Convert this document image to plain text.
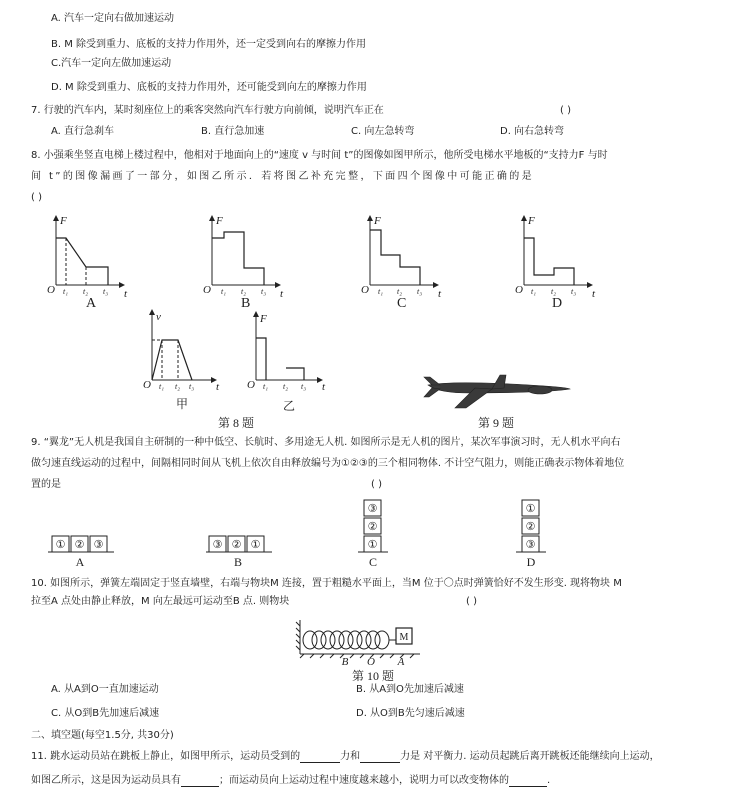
A. 汽车一定向右做加速运动
B. M 除受到重力、底板的支持力作用外，还一定受到向右的摩擦力作用
C.汽车一定向左做加速运动
D. M 除受到重力、底板的支持力作用外，还可能受到向左的摩擦力作用
7. 行驶的汽车内，某时刻座位上的乘客突然向汽车行驶方向前倾，说明汽车正在	( )
A. 直行急刹车	B. 直行急加速	C. 向左急转弯	D. 向右急转弯
8. 小强乘坐竖直电梯上楼过程中，他相对于地面向上的“速度 v 与时间 t”的图像如图甲所示，他所受电梯水平地板的“支持力F 与时
间 t”的图像漏画了一部分，如图乙所示．若将图乙补充完整，下面四个图像中可能正确的是
( )
F	F	F	F
v	F
t	t	t	t
t	t
O	O	O	O
O	O
t₁ t₂ t₃	t₁ t₂ t₃	t₁ t₂ t₃	t₁ t₂ t₃
t₁ t₂ t₃	t₁ t₂ t₃
A	B	C	D
甲	乙
第 8 题	第 9 题
9. “翼龙”无人机是我国自主研制的一种中低空、长航时、多用途无人机. 如图所示是无人机的图片，某次军事演习时，无人机水平向右
做匀速直线运动的过程中，间隔相同时间从飞机上依次自由释放编号为①②③的三个相同物体. 不计空气阻力，则能正确表示物体着地位
置的是	( )
① ② ③	③ ② ①
③
②
①
①
②
③
A	B	C	D
10. 如图所示，弹簧左端固定于竖直墙壁，右端与物块M 连接，置于粗糙水平面上，当M 位于〇点时弹簧恰好不发生形变. 现将物块 M
拉至A 点处由静止释放，M 向左最远可运动至B 点. 则物块	( )
M
B O A
第 10 题
A. 从A到O一直加速运动	B. 从A到O先加速后减速
C. 从O到B先加速后减速	D. 从O到B先匀速后减速
二、填空题(每空1.5分, 共30分)
11. 跳水运动员站在跳板上静止，如图甲所示，运动员受到的	力和	力是 对平衡力. 运动员起跳后离开跳板还能继续向上运动，
如图乙所示，这是因为运动员具有	；而运动员向上运动过程中速度越来越小，说明力可以改变物体的	.
